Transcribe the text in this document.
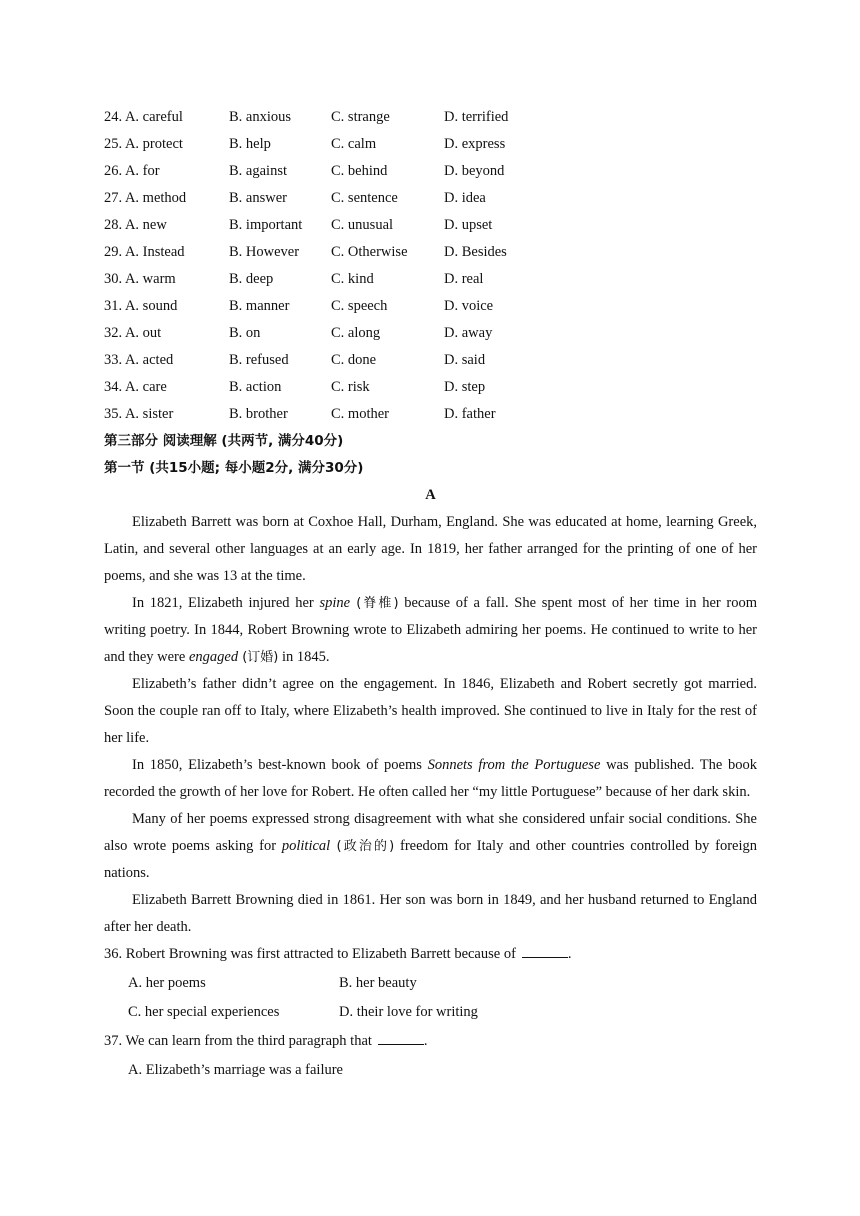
24. A. careful	B. anxious	C. strange	D. terrified
25. A. protect	B. help	C. calm	D. express
26. A. for	B. against	C. behind	D. beyond
27. A. method	B. answer	C. sentence	D. idea
28. A. new	B. important	C. unusual	D. upset
29. A. Instead	B. However	C. Otherwise	D. Besides
30. A. warm	B. deep	C. kind	D. real
31. A. sound	B. manner	C. speech	D. voice
32. A. out	B. on	C. along	D. away
33. A. acted	B. refused	C. done	D. said
34. A. care	B. action	C. risk	D. step
35. A. sister	B. brother	C. mother	D. father
第三部分 阅读理解 (共两节, 满分40分)
第一节 (共15小题; 每小题2分, 满分30分)
A

Elizabeth Barrett was born at Coxhoe Hall, Durham, England. She was educated at home, learning Greek, Latin, and several other languages at an early age. In 1819, her father arranged for the printing of one of her poems, and she was 13 at the time.

In 1821, Elizabeth injured her spine (脊椎) because of a fall. She spent most of her time in her room writing poetry. In 1844, Robert Browning wrote to Elizabeth admiring her poems. He continued to write to her and they were engaged (订婚) in 1845.

Elizabeth’s father didn’t agree on the engagement. In 1846, Elizabeth and Robert secretly got married. Soon the couple ran off to Italy, where Elizabeth’s health improved. She continued to live in Italy for the rest of her life.

In 1850, Elizabeth’s best-known book of poems Sonnets from the Portuguese was published. The book recorded the growth of her love for Robert. He often called her “my little Portuguese” because of her dark skin.

Many of her poems expressed strong disagreement with what she considered unfair social conditions. She also wrote poems asking for political (政治的) freedom for Italy and other countries controlled by foreign nations.

Elizabeth Barrett Browning died in 1861. Her son was born in 1849, and her husband returned to England after her death.

36. Robert Browning was first attracted to Elizabeth Barrett because of	.
A. her poems	B. her beauty
C. her special experiences	D. their love for writing
37. We can learn from the third paragraph that	.
A. Elizabeth’s marriage was a failure
